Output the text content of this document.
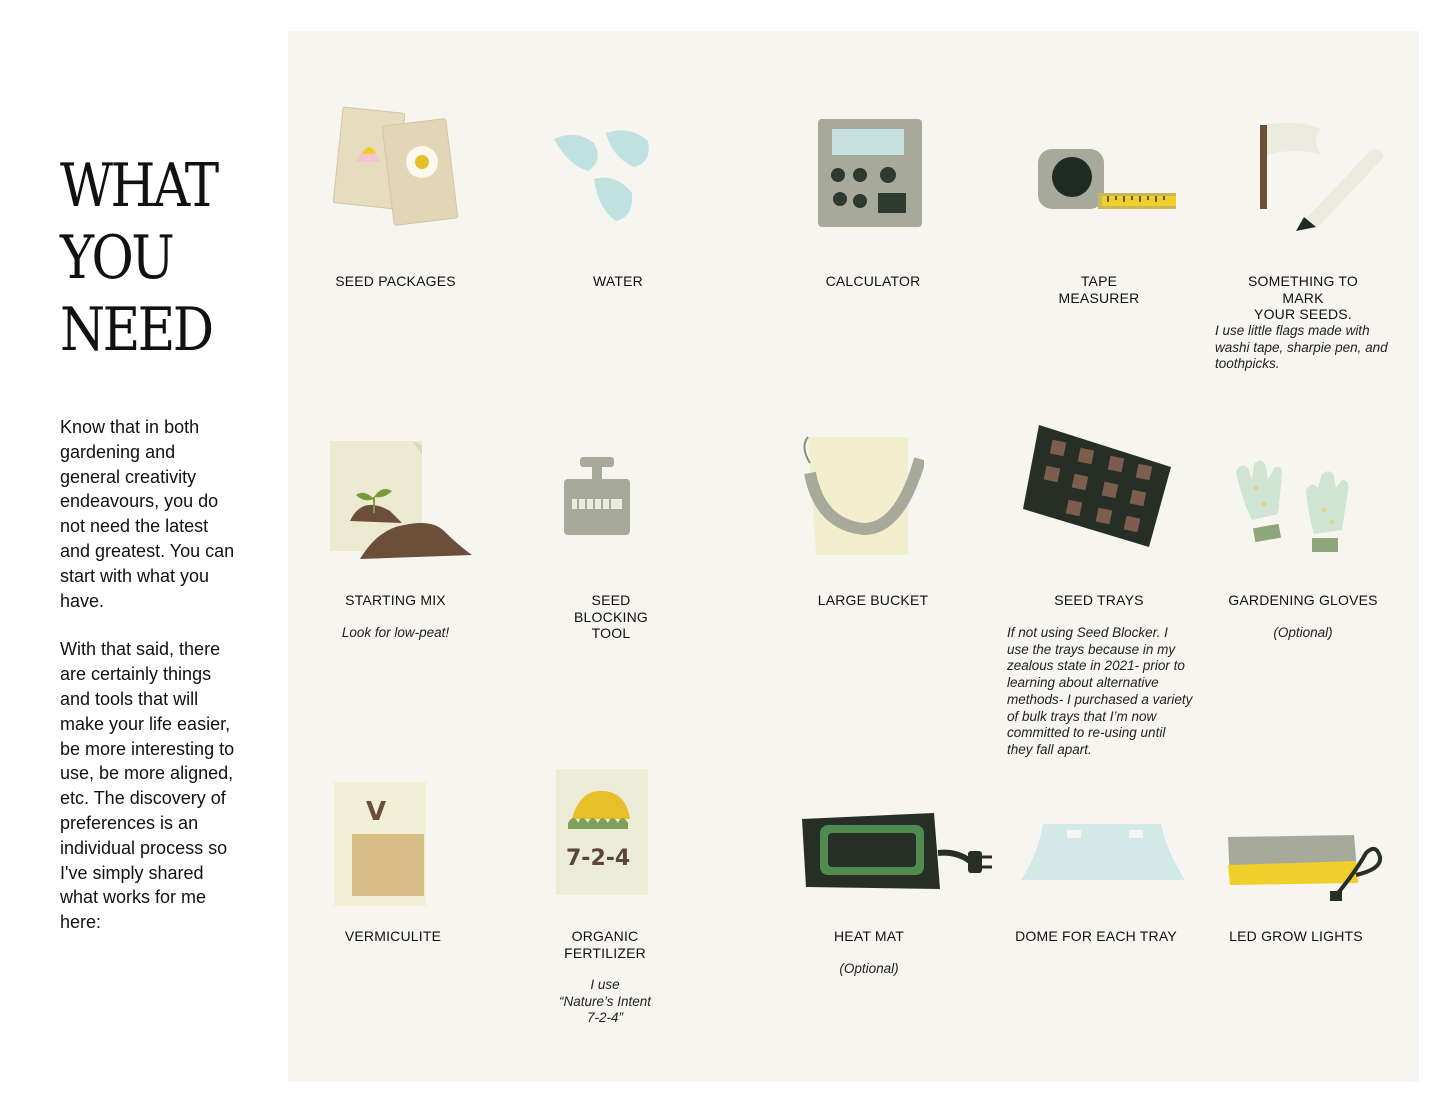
WHAT
YOU
NEED

Know that in both gardening and general creativity endeavours, you do not need the latest and greatest. You can start with what you have.

With that said, there are certainly things and tools that will make your life easier, be more interesting to use, be more aligned, etc. The discovery of preferences is an individual process so I've simply shared what works for me here:

SEED PACKAGES	WATER	CALCULATOR	TAPE
MEASURER
SOMETHING TO MARK
YOUR SEEDS.
I use little flags made with washi tape, sharpie pen, and toothpicks.
STARTING MIX
Look for low-peat!
SEED
BLOCKING
TOOL
LARGE BUCKET	SEED TRAYS
If not using Seed Blocker. I use the trays because in my zealous state in 2021- prior to learning about alternative methods- I purchased a variety of bulk trays that I’m now committed to re-using until they fall apart.
GARDENING GLOVES
(Optional)
V
VERMICULITE
7-2-4
ORGANIC
FERTILIZER
I use
“Nature’s Intent
7-2-4”
HEAT MAT
(Optional)
DOME FOR EACH TRAY	LED GROW LIGHTS
